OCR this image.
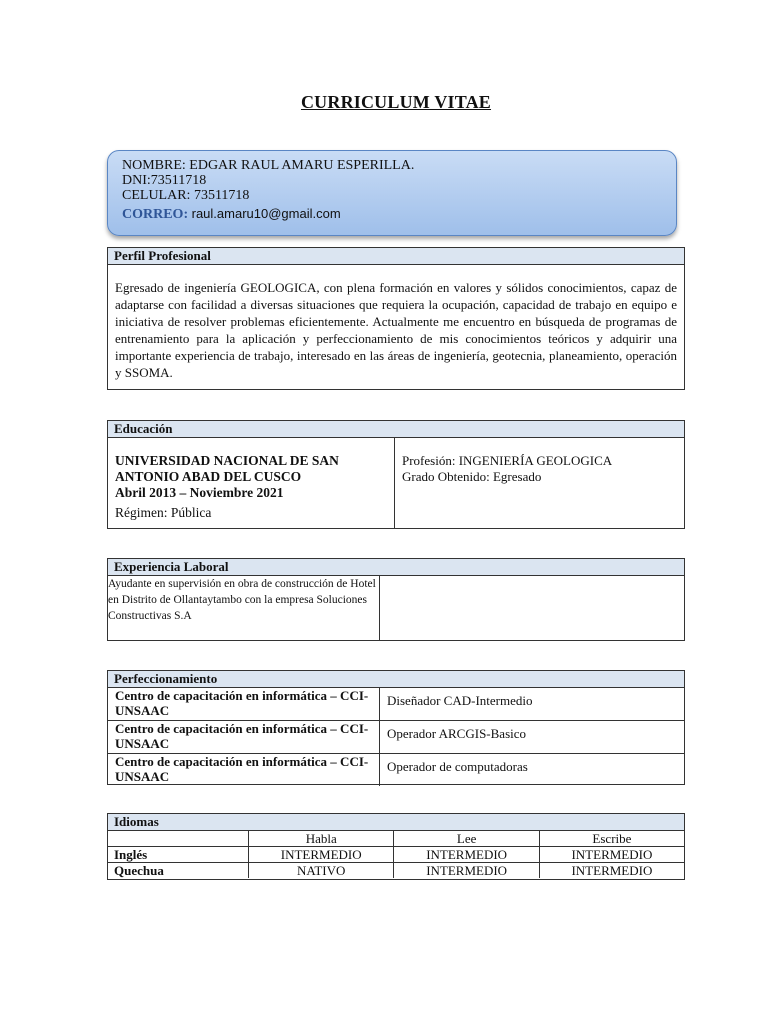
CURRICULUM VITAE
NOMBRE: EDGAR RAUL AMARU ESPERILLA.
DNI:73511718
CELULAR: 73511718
CORREO: raul.amaru10@gmail.com
Perfil Profesional
Egresado de ingeniería GEOLOGICA, con plena formación en valores y sólidos conocimientos, capaz de adaptarse con facilidad a diversas situaciones que requiera la ocupación, capacidad de trabajo en equipo e iniciativa de resolver problemas eficientemente. Actualmente me encuentro en búsqueda de programas de entrenamiento para la aplicación y perfeccionamiento de mis conocimientos teóricos y adquirir una importante experiencia de trabajo, interesado en las áreas de ingeniería, geotecnia, planeamiento, operación y SSOMA.
Educación
UNIVERSIDAD NACIONAL DE SAN ANTONIO ABAD DEL CUSCO
Abril 2013 – Noviembre 2021
Régimen: Pública
Profesión: INGENIERÍA GEOLOGICA
Grado Obtenido: Egresado
Experiencia Laboral
Ayudante en supervisión en obra de construcción de Hotel en Distrito de Ollantaytambo con la empresa Soluciones Constructivas S.A
Perfeccionamiento
Centro de capacitación en informática – CCI- UNSAAC
Diseñador CAD-Intermedio
Centro de capacitación en informática – CCI- UNSAAC
Operador ARCGIS-Basico
Centro de capacitación en informática – CCI- UNSAAC
Operador de computadoras
Idiomas
	Habla	Lee	Escribe
Inglés	INTERMEDIO	INTERMEDIO	INTERMEDIO
Quechua	NATIVO	INTERMEDIO	INTERMEDIO
